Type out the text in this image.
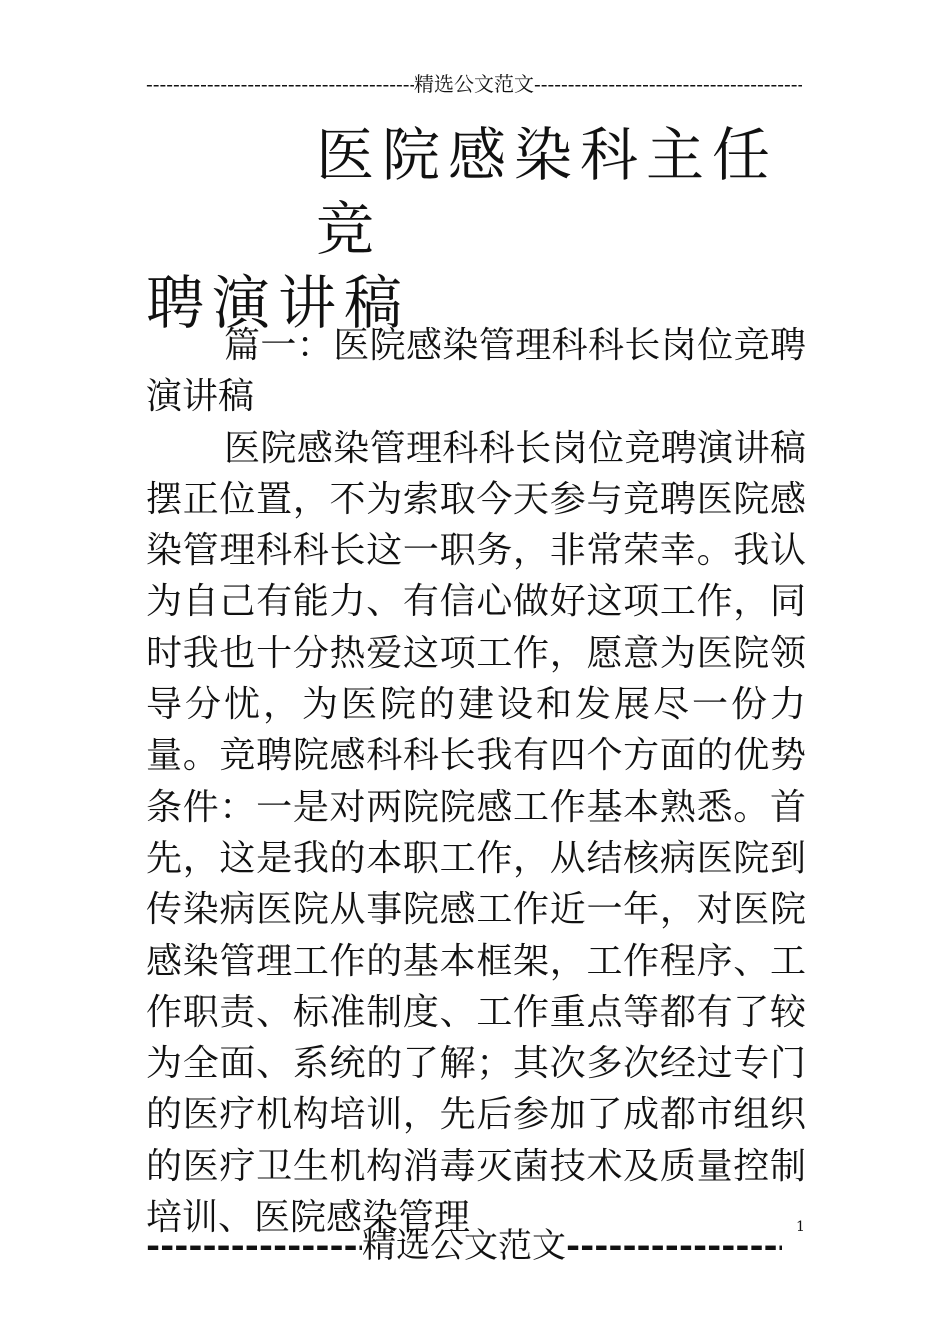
-----
精选公文范文
-----
医院感染科主任竞
聘演讲稿

篇一：医院感染管理科科长岗位竞聘演讲稿

医院感染管理科科长岗位竞聘演讲稿摆正位置，不为索取今天参与竞聘医院感染管理科科长这一职务，非常荣幸。我认为自己有能力、有信心做好这项工作，同时我也十分热爱这项工作，愿意为医院领导分忧，为医院的建设和发展尽一份力量。竞聘院感科科长我有四个方面的优势条件：一是对两院院感工作基本熟悉。首先，这是我的本职工作，从结核病医院到传染病医院从事院感工作近一年，对医院感染管理工作的基本框架，工作程序、工作职责、标准制度、工作重点等都有了较为全面、系统的了解；其次多次经过专门的医疗机构培训，先后参加了成都市组织的医疗卫生机构消毒灭菌技术及质量控制培训、医院感染管理

-----
精选公文范文
-----	1
